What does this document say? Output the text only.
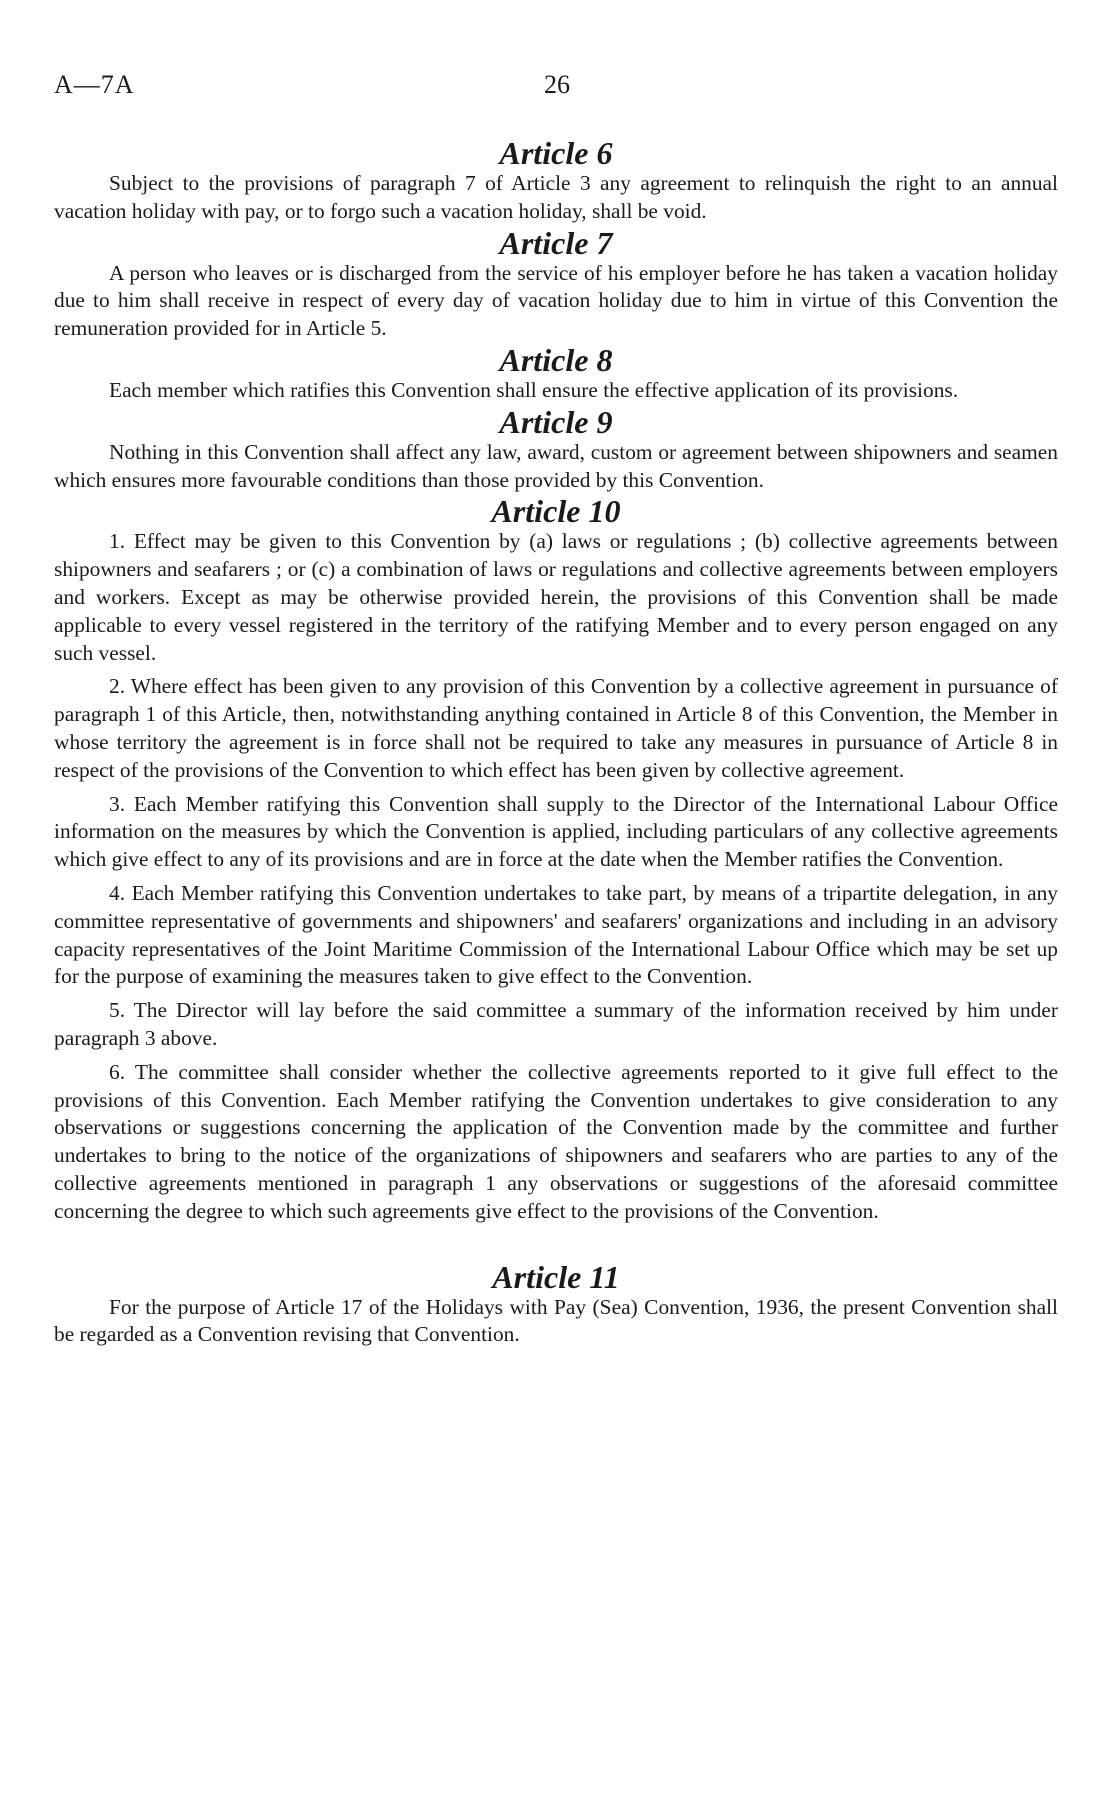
A—7A	26
Article 6

Subject to the provisions of paragraph 7 of Article 3 any agreement to relinquish the right to an annual vacation holiday with pay, or to forgo such a vacation holiday, shall be void.

Article 7

A person who leaves or is discharged from the service of his employer before he has taken a vacation holiday due to him shall receive in respect of every day of vacation holiday due to him in virtue of this Convention the remuneration provided for in Article 5.

Article 8

Each member which ratifies this Convention shall ensure the effective application of its provisions.

Article 9

Nothing in this Convention shall affect any law, award, custom or agreement between shipowners and seamen which ensures more favourable conditions than those provided by this Convention.

Article 10

1. Effect may be given to this Convention by (a) laws or regulations ; (b) collective agreements between shipowners and seafarers ; or (c) a combination of laws or regulations and collective agreements between employers and workers. Except as may be otherwise provided herein, the provisions of this Convention shall be made applicable to every vessel registered in the territory of the ratifying Member and to every person engaged on any such vessel.

2. Where effect has been given to any provision of this Convention by a collective agreement in pursuance of paragraph 1 of this Article, then, notwithstanding anything contained in Article 8 of this Convention, the Member in whose territory the agreement is in force shall not be required to take any measures in pursuance of Article 8 in respect of the provisions of the Convention to which effect has been given by collective agreement.

3. Each Member ratifying this Convention shall supply to the Director of the International Labour Office information on the measures by which the Convention is applied, including particulars of any collective agreements which give effect to any of its provisions and are in force at the date when the Member ratifies the Convention.

4. Each Member ratifying this Convention undertakes to take part, by means of a tripartite delegation, in any committee representative of governments and shipowners' and seafarers' organizations and including in an advisory capacity representatives of the Joint Maritime Commission of the International Labour Office which may be set up for the purpose of examining the measures taken to give effect to the Convention.

5. The Director will lay before the said committee a summary of the information received by him under paragraph 3 above.

6. The committee shall consider whether the collective agreements reported to it give full effect to the provisions of this Convention. Each Member ratifying the Convention undertakes to give consideration to any observations or suggestions concerning the application of the Convention made by the committee and further undertakes to bring to the notice of the organizations of shipowners and seafarers who are parties to any of the collective agreements mentioned in paragraph 1 any observations or suggestions of the aforesaid committee concerning the degree to which such agreements give effect to the provisions of the Convention.

Article 11

For the purpose of Article 17 of the Holidays with Pay (Sea) Convention, 1936, the present Convention shall be regarded as a Convention revising that Convention.
